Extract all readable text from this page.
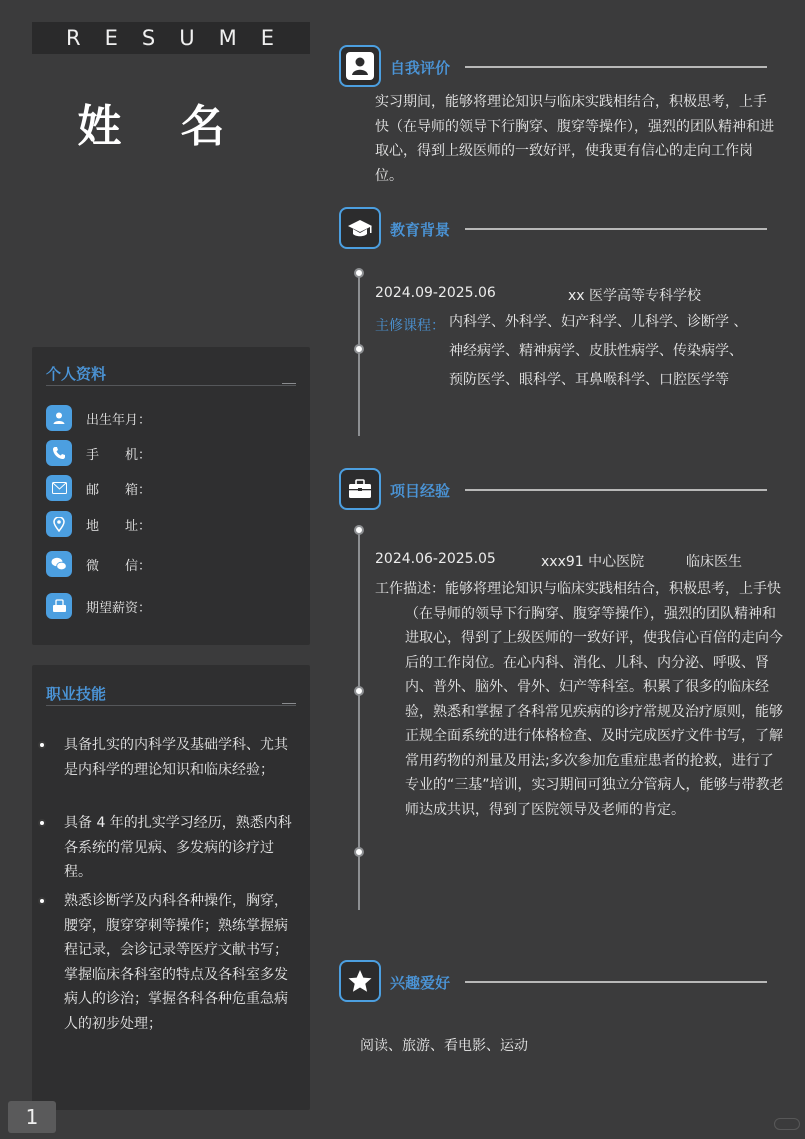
RESUME
姓 名
个人资料
出生年月：
手　　机：
邮　　箱：
地　　址：
微　　信：
期望薪资：
职业技能
具备扎实的内科学及基础学科、尤其是内科学的理论知识和临床经验；
具备 4 年的扎实学习经历，熟悉内科各系统的常见病、多发病的诊疗过程。
熟悉诊断学及内科各种操作，胸穿，腰穿，腹穿穿刺等操作；熟练掌握病程记录，会诊记录等医疗文献书写；掌握临床各科室的特点及各科室多发病人的诊治；掌握各科各种危重急病人的初步处理；
1
自我评价
实习期间，能够将理论知识与临床实践相结合，积极思考，上手快（在导师的领导下行胸穿、腹穿等操作），强烈的团队精神和进取心，得到上级医师的一致好评，使我更有信心的走向工作岗位。
教育背景
2024.09-2025.06	xx 医学高等专科学校
主修课程： 内科学、外科学、妇产科学、儿科学、诊断学 、
神经病学、精神病学、皮肤性病学、传染病学、
预防医学、眼科学、耳鼻喉科学、口腔医学等
项目经验
2024.06-2025.05	xxx91 中心医院	临床医生
工作描述：能够将理论知识与临床实践相结合，积极思考，上手快（在导师的领导下行胸穿、腹穿等操作），强烈的团队精神和进取心，得到了上级医师的一致好评，使我信心百倍的走向今后的工作岗位。在心内科、消化、儿科、内分泌、呼吸、肾内、普外、脑外、骨外、妇产等科室。积累了很多的临床经验，熟悉和掌握了各科常见疾病的诊疗常规及治疗原则，能够正规全面系统的进行体格检查、及时完成医疗文件书写，了解常用药物的剂量及用法;多次参加危重症患者的抢救，进行了专业的“三基”培训，实习期间可独立分管病人，能够与带教老师达成共识，得到了医院领导及老师的肯定。
兴趣爱好
阅读、旅游、看电影、运动
